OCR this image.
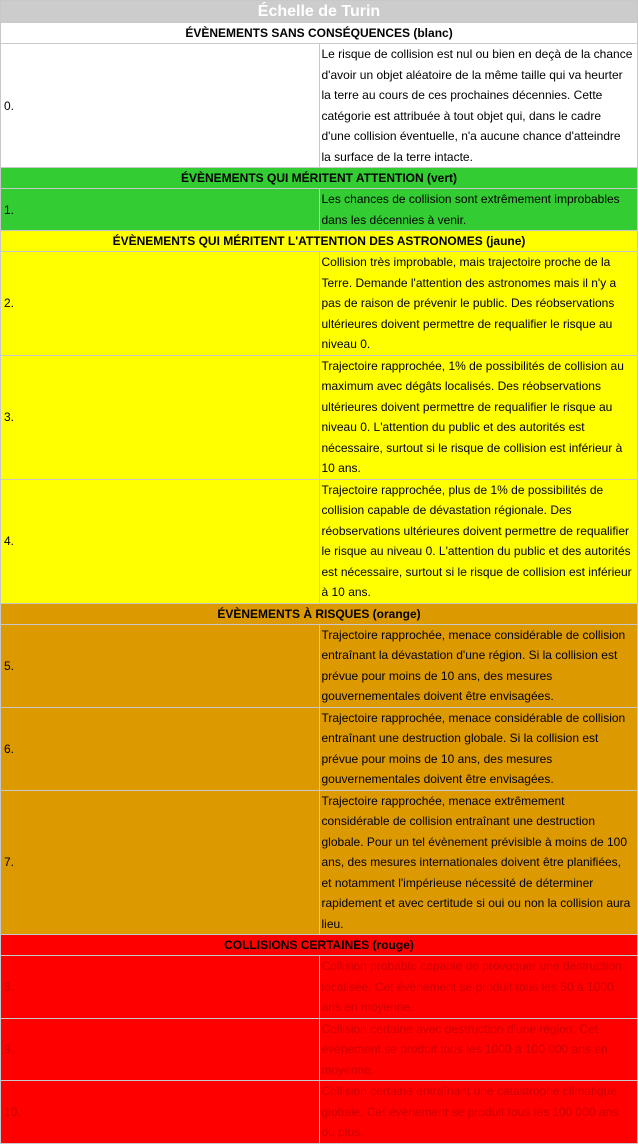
Échelle de Turin	
ÉVÈNEMENTS SANS CONSÉQUENCES (blanc)	
0.	Le risque de collision est nul ou bien en deçà de la chance d'avoir un objet aléatoire de la même taille qui va heurter la terre au cours de ces prochaines décennies. Cette catégorie est attribuée à tout objet qui, dans le cadre d'une collision éventuelle, n'a aucune chance d'atteindre la surface de la terre intacte.
ÉVÈNEMENTS QUI MÉRITENT ATTENTION (vert)	
1.	Les chances de collision sont extrêmement improbables dans les décennies à venir.
ÉVÈNEMENTS QUI MÉRITENT L'ATTENTION DES ASTRONOMES (jaune)	
2.	Collision très improbable, mais trajectoire proche de la Terre. Demande l'attention des astronomes mais il n'y a pas de raison de prévenir le public. Des réobservations ultérieures doivent permettre de requalifier le risque au niveau 0.
3.	Trajectoire rapprochée, 1% de possibilités de collision au maximum avec dégâts localisés. Des réobservations ultérieures doivent permettre de requalifier le risque au niveau 0. L'attention du public et des autorités est nécessaire, surtout si le risque de collision est inférieur à 10 ans.
4.	Trajectoire rapprochée, plus de 1% de possibilités de collision capable de dévastation régionale. Des réobservations ultérieures doivent permettre de requalifier le risque au niveau 0. L'attention du public et des autorités est nécessaire, surtout si le risque de collision est inférieur à 10 ans.
ÉVÈNEMENTS À RISQUES (orange)	
5.	Trajectoire rapprochée, menace considérable de collision entraînant la dévastation d'une région. Si la collision est prévue pour moins de 10 ans, des mesures gouvernementales doivent être envisagées.
6.	Trajectoire rapprochée, menace considérable de collision entraînant une destruction globale. Si la collision est prévue pour moins de 10 ans, des mesures gouvernementales doivent être envisagées.
7.	Trajectoire rapprochée, menace extrêmement considérable de collision entraînant une destruction globale. Pour un tel évènement prévisible à moins de 100 ans, des mesures internationales doivent être planifiées, et notamment l'impérieuse nécessité de déterminer rapidement et avec certitude si oui ou non la collision aura lieu.
COLLISIONS CERTAINES (rouge)	
8.	Collision probable capable de provoquer une destruction localisée. Cet évènement se produit tous les 50 à 1000 ans en moyenne.
9.	Collision certaine avec destruction d'une région. Cet évènement se produit tous les 1000 à 100 000 ans en moyenne.
10.	Collision certaine entraînant une catastrophe climatique globale. Cet évènement se produit tous les 100 000 ans ou plus.
